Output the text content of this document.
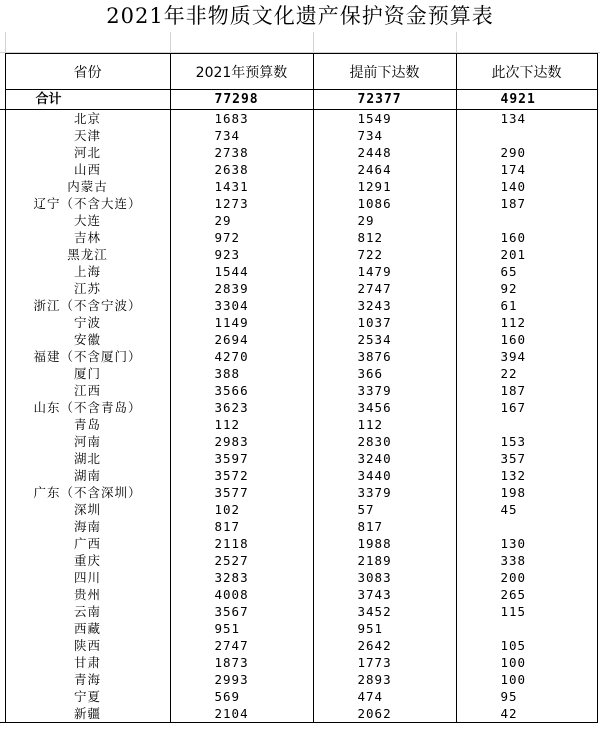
2021年非物质文化遗产保护资金预算表
	省份	2021年预算数	提前下达数	此次下达数
	合计	77298	72377	4921
	北京	1683	1549	134
	天津	734	734	
	河北	2738	2448	290
	山西	2638	2464	174
	内蒙古	1431	1291	140
	辽宁（不含大连）	1273	1086	187
	大连	29	29	
	吉林	972	812	160
	黑龙江	923	722	201
	上海	1544	1479	65
	江苏	2839	2747	92
	浙江（不含宁波）	3304	3243	61
	宁波	1149	1037	112
	安徽	2694	2534	160
	福建（不含厦门）	4270	3876	394
	厦门	388	366	22
	江西	3566	3379	187
	山东（不含青岛）	3623	3456	167
	青岛	112	112	
	河南	2983	2830	153
	湖北	3597	3240	357
	湖南	3572	3440	132
	广东（不含深圳）	3577	3379	198
	深圳	102	57	45
	海南	817	817	
	广西	2118	1988	130
	重庆	2527	2189	338
	四川	3283	3083	200
	贵州	4008	3743	265
	云南	3567	3452	115
	西藏	951	951	
	陕西	2747	2642	105
	甘肃	1873	1773	100
	青海	2993	2893	100
	宁夏	569	474	95
	新疆	2104	2062	42
